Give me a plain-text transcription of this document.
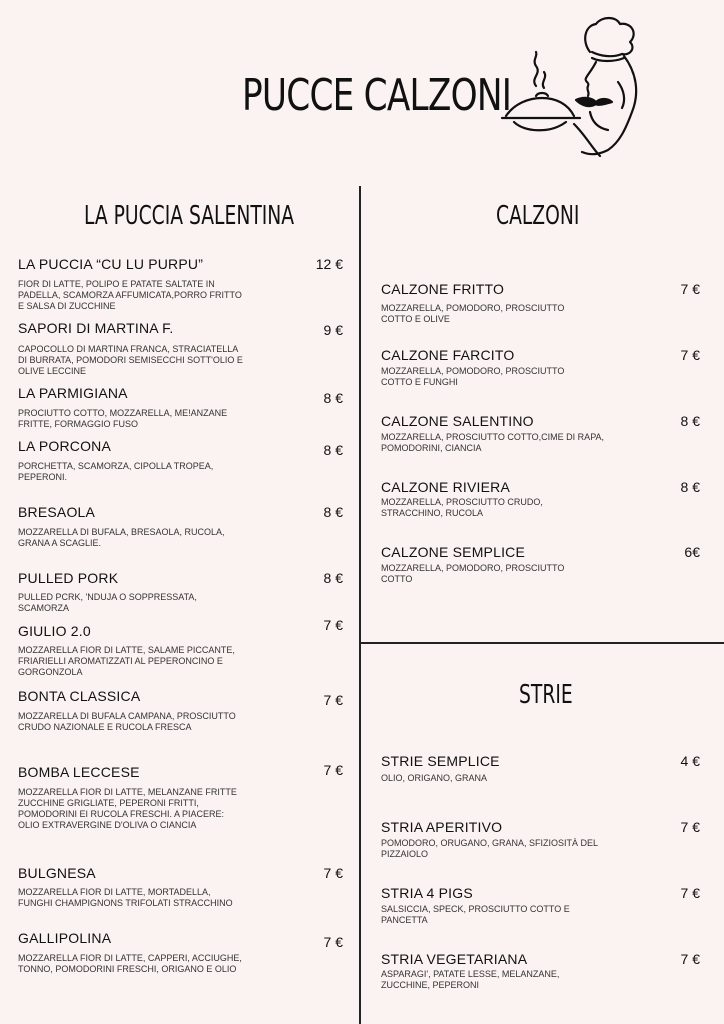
PUCCE CALZONI
LA PUCCIA SALENTINA
LA PUCCIA “CU LU PURPU”	12 €
FIOR DI LATTE, POLIPO E PATATE SALTATE IN PADELLA, SCAMORZA AFFUMICATA,PORRO FRITTO E SALSA DI ZUCCHINE
SAPORI DI MARTINA F.	9 €
CAPOCOLLO DI MARTINA FRANCA, STRACIATELLA DI BURRATA, POMODORI SEMISECCHI SOTT'OLIO E OLIVE LECCINE
LA PARMIGIANA	8 €
PROCIUTTO COTTO, MOZZARELLA, ME!ANZANE FRITTE, FORMAGGIO FUSO
LA PORCONA	8 €
PORCHETTA, SCAMORZA, CIPOLLA TROPEA, PEPERONI.
BRESAOLA	8 €
MOZZARELLA DI BUFALA, BRESAOLA, RUCOLA, GRANA A SCAGLIE.
PULLED PORK	8 €
PULLED PCRK, 'NDUJA O SOPPRESSATA, SCAMORZA
GIULIO 2.0	7 €
MOZZARELLA FIOR DI LATTE, SALAME PICCANTE, FRIARIELLI AROMATIZZATI AL PEPERONCINO E GORGONZOLA
BONTA CLASSICA	7 €
MOZZARELLA DI BUFALA CAMPANA, PROSCIUTTO CRUDO NAZIONALE E RUCOLA FRESCA
BOMBA LECCESE	7 €
MOZZARELLA FIOR DI LATTE, MELANZANE FRITTE ZUCCHINE GRIGLIATE, PEPERONI FRITTI, POMODORINI EI RUCOLA FRESCHI. A PIACERE: OLIO EXTRAVERGINE D'OLIVA O CIANCIA
BULGNESA	7 €
MOZZARELLA FIOR DI LATTE, MORTADELLA, FUNGHI CHAMPIGNONS TRIFOLATI STRACCHINO
GALLIPOLINA	7 €
MOZZARELLA FIOR DI LATTE, CAPPERI, ACCIUGHE, TONNO, POMODORINI FRESCHI, ORIGANO E OLIO
CALZONI
CALZONE FRITTO	7 €
MOZZARELLA, POMODORO, PROSCIUTTO COTTO E OLIVE
CALZONE FARCITO	7 €
MOZZARELLA, POMODORO, PROSCIUTTO COTTO E FUNGHI
CALZONE SALENTINO	8 €
MOZZARELLA, PROSCIUTTO COTTO,CIME DI RAPA, POMODORINI, CIANCIA
CALZONE RIVIERA	8 €
MOZZARELLA, PROSCIUTTO CRUDO, STRACCHINO, RUCOLA
CALZONE SEMPLICE	6€
MOZZARELLA, POMODORO, PROSCIUTTO COTTO
STRIE
STRIE SEMPLICE	4 €
OLIO, ORIGANO, GRANA
STRIA APERITIVO	7 €
POMODORO, ORUGANO, GRANA, SFIZIOSITÀ DEL PIZZAIOLO
STRIA 4 PIGS	7 €
SALSICCIA, SPECK, PROSCIUTTO COTTO E PANCETTA
STRIA VEGETARIANA	7 €
ASPARAGI', PATATE LESSE, MELANZANE, ZUCCHINE, PEPERONI
